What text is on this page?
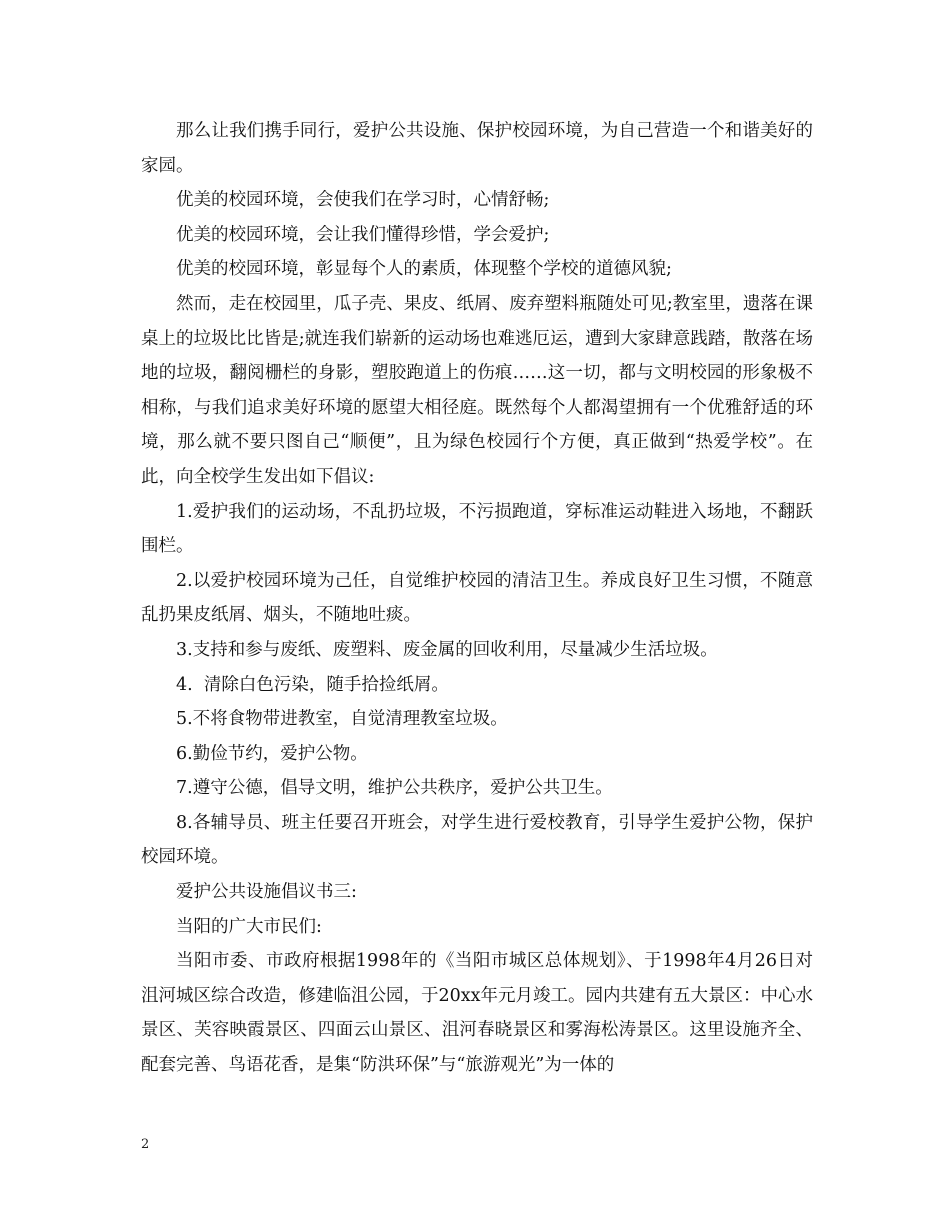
那么让我们携手同行，爱护公共设施、保护校园环境，为自己营造一个和谐美好的家园。

优美的校园环境，会使我们在学习时，心情舒畅;

优美的校园环境，会让我们懂得珍惜，学会爱护;

优美的校园环境，彰显每个人的素质，体现整个学校的道德风貌;

然而，走在校园里，瓜子壳、果皮、纸屑、废弃塑料瓶随处可见;教室里，遗落在课桌上的垃圾比比皆是;就连我们崭新的运动场也难逃厄运，遭到大家肆意践踏，散落在场地的垃圾，翻阅栅栏的身影，塑胶跑道上的伤痕……这一切，都与文明校园的形象极不相称，与我们追求美好环境的愿望大相径庭。既然每个人都渴望拥有一个优雅舒适的环境，那么就不要只图自己“顺便”，且为绿色校园行个方便，真正做到“热爱学校”。在此，向全校学生发出如下倡议:

1.爱护我们的运动场，不乱扔垃圾，不污损跑道，穿标准运动鞋进入场地，不翻跃围栏。

2.以爱护校园环境为己任，自觉维护校园的清洁卫生。养成良好卫生习惯，不随意乱扔果皮纸屑、烟头，不随地吐痰。

3.支持和参与废纸、废塑料、废金属的回收利用，尽量减少生活垃圾。

4.  清除白色污染，随手拾捡纸屑。

5.不将食物带进教室，自觉清理教室垃圾。

6.勤俭节约，爱护公物。

7.遵守公德，倡导文明，维护公共秩序，爱护公共卫生。

8.各辅导员、班主任要召开班会，对学生进行爱校教育，引导学生爱护公物，保护校园环境。

爱护公共设施倡议书三:

当阳的广大市民们:

当阳市委、市政府根据1998年的《当阳市城区总体规划》、于1998年4月26日对沮河城区综合改造，修建临沮公园，于20xx年元月竣工。园内共建有五大景区：中心水景区、芙容映霞景区、四面云山景区、沮河春晓景区和雾海松涛景区。这里设施齐全、配套完善、鸟语花香，是集“防洪环保”与“旅游观光”为一体的

2
